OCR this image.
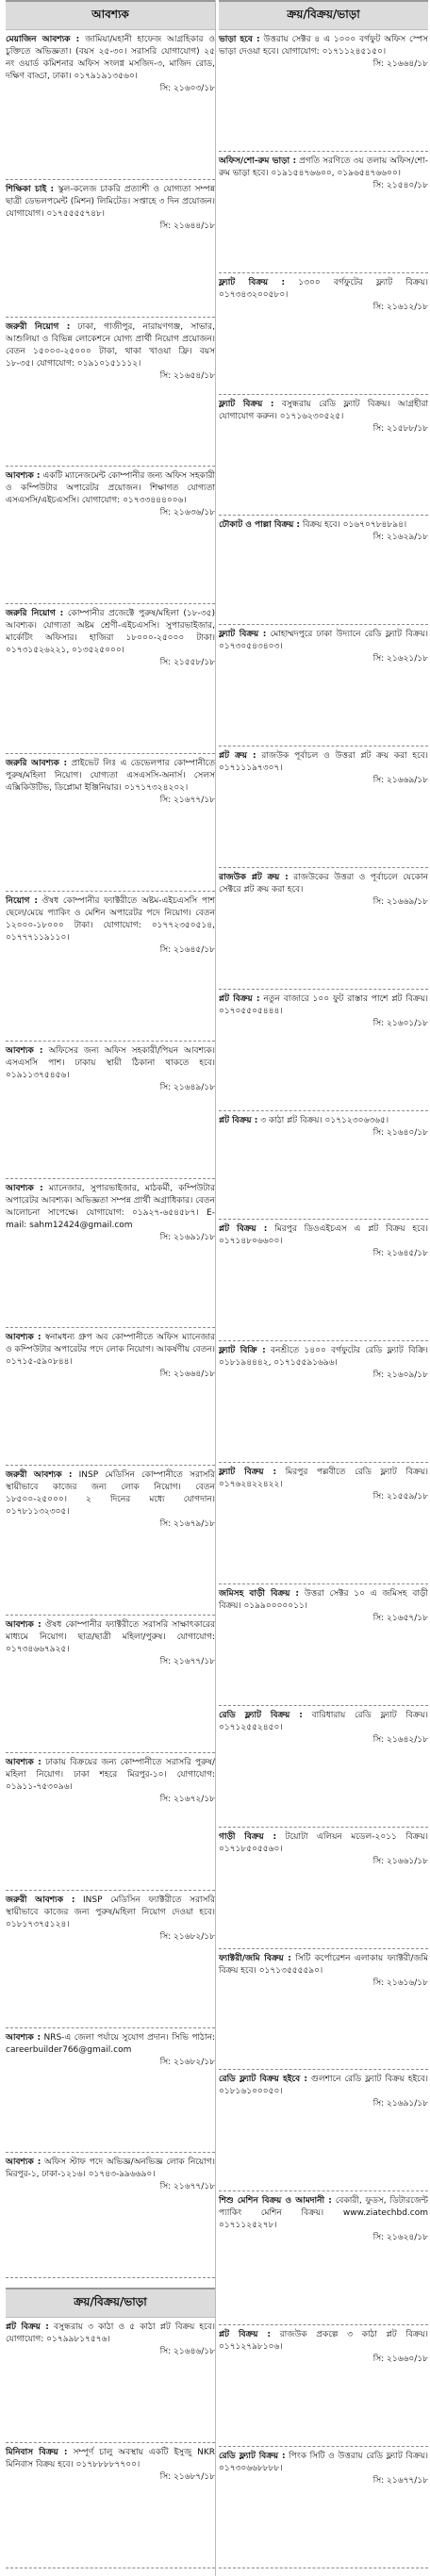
আবশ্যক
মেয়াজিন আবশ্যক : জামিয়া/মহানী হাফেজ আগ্রহিকার ও চুক্তিতে অভিজ্ঞতা। (বয়স ২৫-৩০। সরাসরি যোগাযোগ) ২৫ নং ওয়ার্ড কমিশনার অফিস সংলগ্ন মসজিদ-৩, মাজিদ রোড, দক্ষিণ বাড্ডা, ঢাকা। ০১৭৯১৯১৩৫৬০।
সি: ২১৬০৩/১৮
শিক্ষিকা চাই : স্কুল-কলেজ চাকরি প্রত্যাশী ও যোগ্যতা সম্পন্ন ছাত্রী ডেভলপমেন্ট (মিশন) লিমিটেড। সপ্তাহে ৩ দিন প্রয়োজন। যোগাযোগ। ০১৭৫৫৫৫৭৪৮।
সি: ২১৬৪৪/১৮
জরুরী নিয়োগ : ঢাকা, গাজীপুর, নারায়ণগঞ্জ, সাভার, আশুলিয়া ও বিভিন্ন লোকেশনে যোগ্য প্রার্থী নিয়োগ প্রয়োজন। বেতন ১৫০০০-২৫০০০ টাকা, থাকা খাওয়া ফ্রি। বয়স ১৮-৩৫। যোগাযোগ: ০১৯১০১৫১১১২।
সি: ২১৬৫৪/১৮
আবশ্যক : একটি ম্যানেজমেন্ট কোম্পানীর জন্য অফিস সহকারী ও কম্পিউটার অপারেটর প্রয়োজন। শিক্ষাগত যোগ্যতা এসএসসি/এইচএসসি। যোগাযোগ: ০১৭৩৩৪৪৪০০৬।
সি: ২১৬৩৬/১৮
জরুরি নিয়োগ : কোম্পানীর প্রজেক্টে পুরুষ/মহিলা (১৮-৩৫) আবশ্যক। যোগ্যতা অষ্টম শ্রেণী-এইচএসসি। সুপারভাইজার, মার্কেটিং অফিসার। হাজিরা ১৮০০০-২৫০০০ টাকা। ০১৭৩১৫২৬২২১, ০১৩৫২৫০০০।
সি: ২১৫৫৮/১৮
জরুরি আবশ্যক : প্রাইভেট লিঃ এ ডেভেলপার কোম্পানীতে পুরুষ/মহিলা নিয়োগ। যোগ্যতা এসএসসি-অনার্স। সেলস এক্সিকিউটিভ, ডিপ্লোমা ইঞ্জিনিয়ার। ০১৭১৭৩২৪২০২।
সি: ২১৬৭৭/১৮
নিয়োগ : ঔষধ কোম্পানীর ফ্যাক্টরীতে অষ্টম-এইচএসসি পাশ ছেলে/মেয়ে প্যাকিং ও মেশিন অপারেটর পদে নিয়োগ। বেতন ১২০০০-১৮০০০ টাকা। যোগাযোগ: ০১৭৭২৩৫০৫১৪, ০১৭৭৭১১৯১১০।
সি: ২১৬৪৫/১৮
আবশ্যক : অফিসের জন্য অফিস সহকারী/পিয়ন আবশ্যক। এসএসসি পাশ। ঢাকায় স্থায়ী ঠিকানা থাকতে হবে। ০১৯১১৩৭৫৪৫৬।
সি: ২১৬৪৯/১৮
আবশ্যক : ম্যানেজার, সুপারভাইজার, মাঠকর্মী, কম্পিউটার অপারেটর আবশ্যক। অভিজ্ঞতা সম্পন্ন প্রার্থী অগ্রাধিকার। বেতন আলোচনা সাপেক্ষে। যোগাযোগ: ০১৯২৭-৬৫৪৫৮৭। E-mail: sahm12424@gmail.com
সি: ২১৬৯১/১৮
আবশ্যক : স্বনামধন্য গ্রুপ অব কোম্পানীতে অফিস ম্যানেজার ও কম্পিউটার অপারেটর পদে লোক নিয়োগ। আকর্ষণীয় বেতন। ০১৭১৫-৫৯০৮৪৪।
সি: ২১৬৬৪/১৮
জরুরী আবশ্যক : INSP মেডিসিন কোম্পানীতে সরাসরি স্থায়ীভাবে কাজের জন্য লোক নিয়োগ। বেতন ১৮৫০০-২৫০০০। ২ দিনের মধ্যে যোগদান। ০১৭৮১১৩২৩০৫।
সি: ২১৬৭৯/১৮
আবশ্যক : ঔষধ কোম্পানীর ফ্যাক্টরীতে সরাসরি সাক্ষাৎকারের মাধ্যমে নিয়োগ। ছাত্র/ছাত্রী মহিলা/পুরুষ। যোগাযোগ: ০১৭৩৪৬৬৭৯২৫।
সি: ২১৬৭৭/১৮
আবশ্যক : ঢাকায় বিক্রয়ের জন্য কোম্পানীতে সরাসরি পুরুষ/মহিলা নিয়োগ। ঢাকা শহরে মিরপুর-১০। যোগাযোগ: ০১৯১১-৭৫৩০৯৬।
সি: ২১৬৭২/১৮
জরুরী আবশ্যক : INSP মেডিসিন ফ্যাক্টরীতে সরাসরি স্থায়ীভাবে কাজের জন্য পুরুষ/মহিলা নিয়োগ দেওয়া হবে। ০১৮১৭৩৭৫১২৪।
সি: ২১৬৮২/১৮
আবশ্যক : NRS-এ জেলা পর্যায়ে সুযোগ প্রদান। সিভি পাঠান: careerbuilder766@gmail.com
সি: ২১৬৮২/১৮
আবশ্যক : অফিস স্টাফ পদে অভিজ্ঞ/অনভিজ্ঞ লোক নিয়োগ। মিরপুর-১, ঢাকা-১২১৬। ০১৭৪৩-৯৯৬৬৯০।
সি: ২১৬৭৭/১৮
ক্রয়/বিক্রয়/ভাড়া
প্লট বিক্রয় : বসুন্ধরায় ৩ কাঠা ও ৫ কাঠা প্লট বিক্রয় হবে। যোগাযোগ: ০১৭৯৯৮১৭৫৭৬।
সি: ২১৬৪৬/১৮
মিনিবাস বিক্রয় : সম্পূর্ণ চালু অবস্থায় একটি ইসুজু NKR মিনিবাস বিক্রয় হবে। ০১৭৮৮৮৮৭৭০০।
সি: ২১৬৮৭/১৮
ক্রয়/বিক্রয়/ভাড়া
ভাড়া হবে : উত্তরায় সেক্টর ৪ এ ১০০০ বর্গফুট অফিস স্পেস ভাড়া দেওয়া হবে। যোগাযোগ: ০১৭১১২৪৫১৫০।
সি: ২১৬৬৪/১৮
অফিস/শো-রুম ভাড়া : প্রগতি সরণিতে ৩য় তলায় অফিস/শো-রুম ভাড়া হবে। ০১৯১৫৪৭৬৬০০, ০১৯৬৫৪৭৬৬০০।
সি: ২১৫৪০/১৮
ফ্ল্যাট বিক্রয় : ১৩০০ বর্গফুটের ফ্ল্যাট বিক্রয়। ০১৭৩৪৩২০০৫৮০।
সি: ২১৬১২/১৮
ফ্ল্যাট বিক্রয় : বসুন্ধরায় রেডি ফ্ল্যাট বিক্রয়। আগ্রহীরা যোগাযোগ করুন। ০১৭১৬২৩০৫২৫।
সি: ২১৫৮৮/১৮
ঢৌকাট ও পাল্লা বিক্রয় : বিক্রয় হবে। ০১৬৭০৭৮৪৮৯৪।
সি: ২১৬২৯/১৮
ফ্ল্যাট বিক্রয় : মোহাম্মদপুরে ঢাকা উদ্যানে রেডি ফ্ল্যাট বিক্রয়। ০১৭৩০৫৪৩৪০৩।
সি: ২১৬২১/১৮
প্লট ক্রয় : রাজউক পূর্বাচল ও উত্তরা প্লট ক্রয় করা হবে। ০১৭১১১৯৭৩০৭।
সি: ২১৬৬৯/১৮
রাজউক প্লট ক্রয় : রাজউকের উত্তরা ও পূর্বাচলে যেকোন সেক্টরে প্লট ক্রয় করা হবে।
সি: ২১৬৬৯/১৮
প্লট বিক্রয় : নতুন বাজারে ১০০ ফুট রাস্তার পাশে প্লট বিক্রয়। ০১৭০৫৫০৫৪৪৪।
সি: ২১৬০১/১৮
প্লট বিক্রয় : ৩ কাঠা প্লট বিক্রয়। ০১৭১২৩০৬৩৬৫।
সি: ২১৬৪০/১৮
প্লট বিক্রয় : মিরপুর ডিওএইচএস এ প্লট বিক্রয় হবে। ০১৭১৪৮০৬৬০০।
সি: ২১৬৪৫/১৮
ফ্ল্যাট বিক্রি : বনশ্রীতে ১৪০০ বর্গফুটের রেডি ফ্ল্যাট বিক্রি। ০১৮১৯৪৪৪২, ০১৭১৫৫৯১৬৯৬।
সি: ২১৬০৯/১৮
ফ্ল্যাট বিক্রয় : মিরপুর পল্লবীতে রেডি ফ্ল্যাট বিক্রয়। ০১৭৬২৪২২৪২২।
সি: ২১৫৫৯/১৮
জমিসহ বাড়ী বিক্রয় : উত্তরা সেক্টর ১০ এ জমিসহ বাড়ী বিক্রয়। ০১৯৯০০০০০১১।
সি: ২১৬৫৭/১৮
রেডি ফ্ল্যাট বিক্রয় : বারিধারায় রেডি ফ্ল্যাট বিক্রয়। ০১৭১২৫৫২৪৫০।
সি: ২১৬৪২/১৮
গাড়ী বিক্রয় : টয়োটা এলিয়ন মডেল-২০১১ বিক্রয়। ০১৭১৮৫০৫৫৬০।
সি: ২১৬৬১/১৮
ফ্যাক্টরী/জমি বিক্রয় : সিটি কর্পোরেশন এলাকায় ফ্যাক্টরী/জমি বিক্রয় হবে। ০১৭১৩৫৫৫৫৯০।
সি: ২১৬১৬/১৮
রেডি ফ্ল্যাট বিক্রয় হইবে : গুলশানে রেডি ফ্ল্যাট বিক্রয় হইবে। ০১৮১৬১০০০৫০।
সি: ২১৬৯১/১৮
শিশু মেশিন বিক্রয় ও আমদানী : বেকারী, ফুডস, ডিটারজেন্ট প্যাকিং মেশিন বিক্রয়। www.ziatechbd.com ০১৭১১২৫২৭৮।
সি: ২১৬২৪/১৮
প্লট বিক্রয় : রাজউক প্রকল্পে ৩ কাঠা প্লট বিক্রয়। ০১৭১২৭৯৮১০৬।
সি: ২১৬৬০/১৮
রেডি ফ্ল্যাট বিক্রয় : পিংক সিটি ও উত্তরায় রেডি ফ্ল্যাট বিক্রয়। ০১৭৩০৬৬৮৮৮৮।
সি: ২১৬৭৭/১৮
